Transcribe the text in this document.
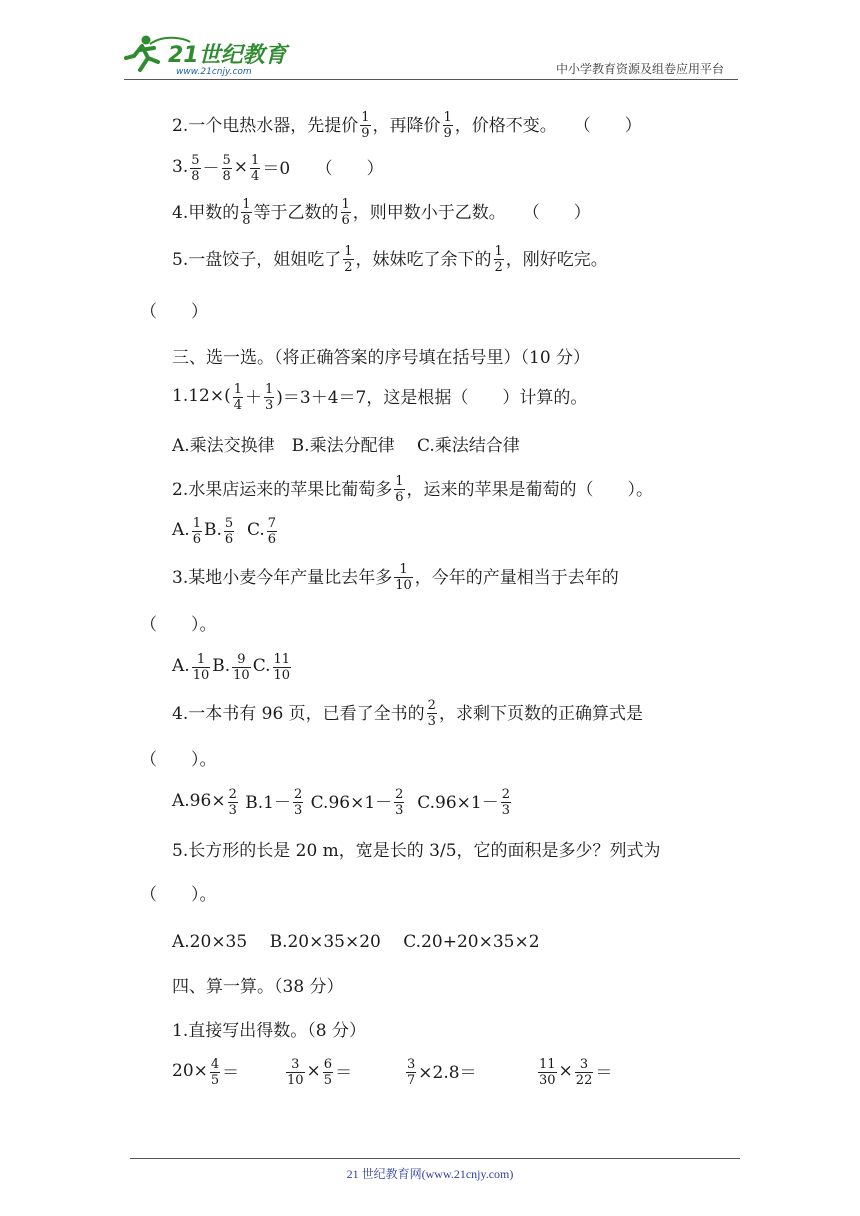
21世纪教育
www.21cnjy.com	中小学教育资源及组卷应用平台
2.一个电热水器，先提价 $\frac{1}{9}$ ，再降价 $\frac{1}{9}$ ，价格不变。　　（　　）
3. $\frac{5}{8} - \frac{5}{8} \times \frac{1}{4} =0$　　（　　）
4.甲数的 $\frac{1}{8}$ 等于乙数的 $\frac{1}{6}$ ，则甲数小于乙数。　　（　　）
5.一盘饺子，姐姐吃了 $\frac{1}{2}$ ，妹妹吃了余下的 $\frac{1}{2}$ ，刚好吃完。
（　　）
三、选一选。（将正确答案的序号填在括号里）（10 分）
$1.12\times( \frac{1}{4} + \frac{1}{3} )=3+4=7$，这是根据（　　）计算的。
A.乘法交换律　B.乘法分配律　 C.乘法结合律
2.水果店运来的苹果比葡萄多 $\frac{1}{6}$ ，运来的苹果是葡萄的（　　）。
A. $\frac{1}{6} B$. $\frac{5}{6} C$. $\frac{7}{6}$
3.某地小麦今年产量比去年多 $\frac{1}{10}$ ，今年的产量相当于去年的
（　　）。
A. $\frac{1}{10} B$. $\frac{9}{10} C$. $\frac{11}{10}$
4.一本书有 96 页，已看了全书的 $\frac{2}{3}$ ，求剩下页数的正确算式是
（　　）。
$A.96\times \frac{2}{3} B.1- \frac{2}{3} C.96\times 1- \frac{2}{3} C.96\times 1- \frac{2}{3}$
5.长方形的长是 20 m，宽是长的 3/5，它的面积是多少？列式为
（　　）。
A.20×35　 B.20×35×20　 C.20+20×35×2
四、算一算。（38 分）
1.直接写出得数。（8 分）
$20\times \frac{4}{5}$ ＝	$\frac{3}{10} \times \frac{6}{5}$ ＝	$\frac{3}{7} \times 2.8=$	$\frac{11}{30} \times \frac{3}{22}$ ＝
21 世纪教育网(www.21cnjy.com)
